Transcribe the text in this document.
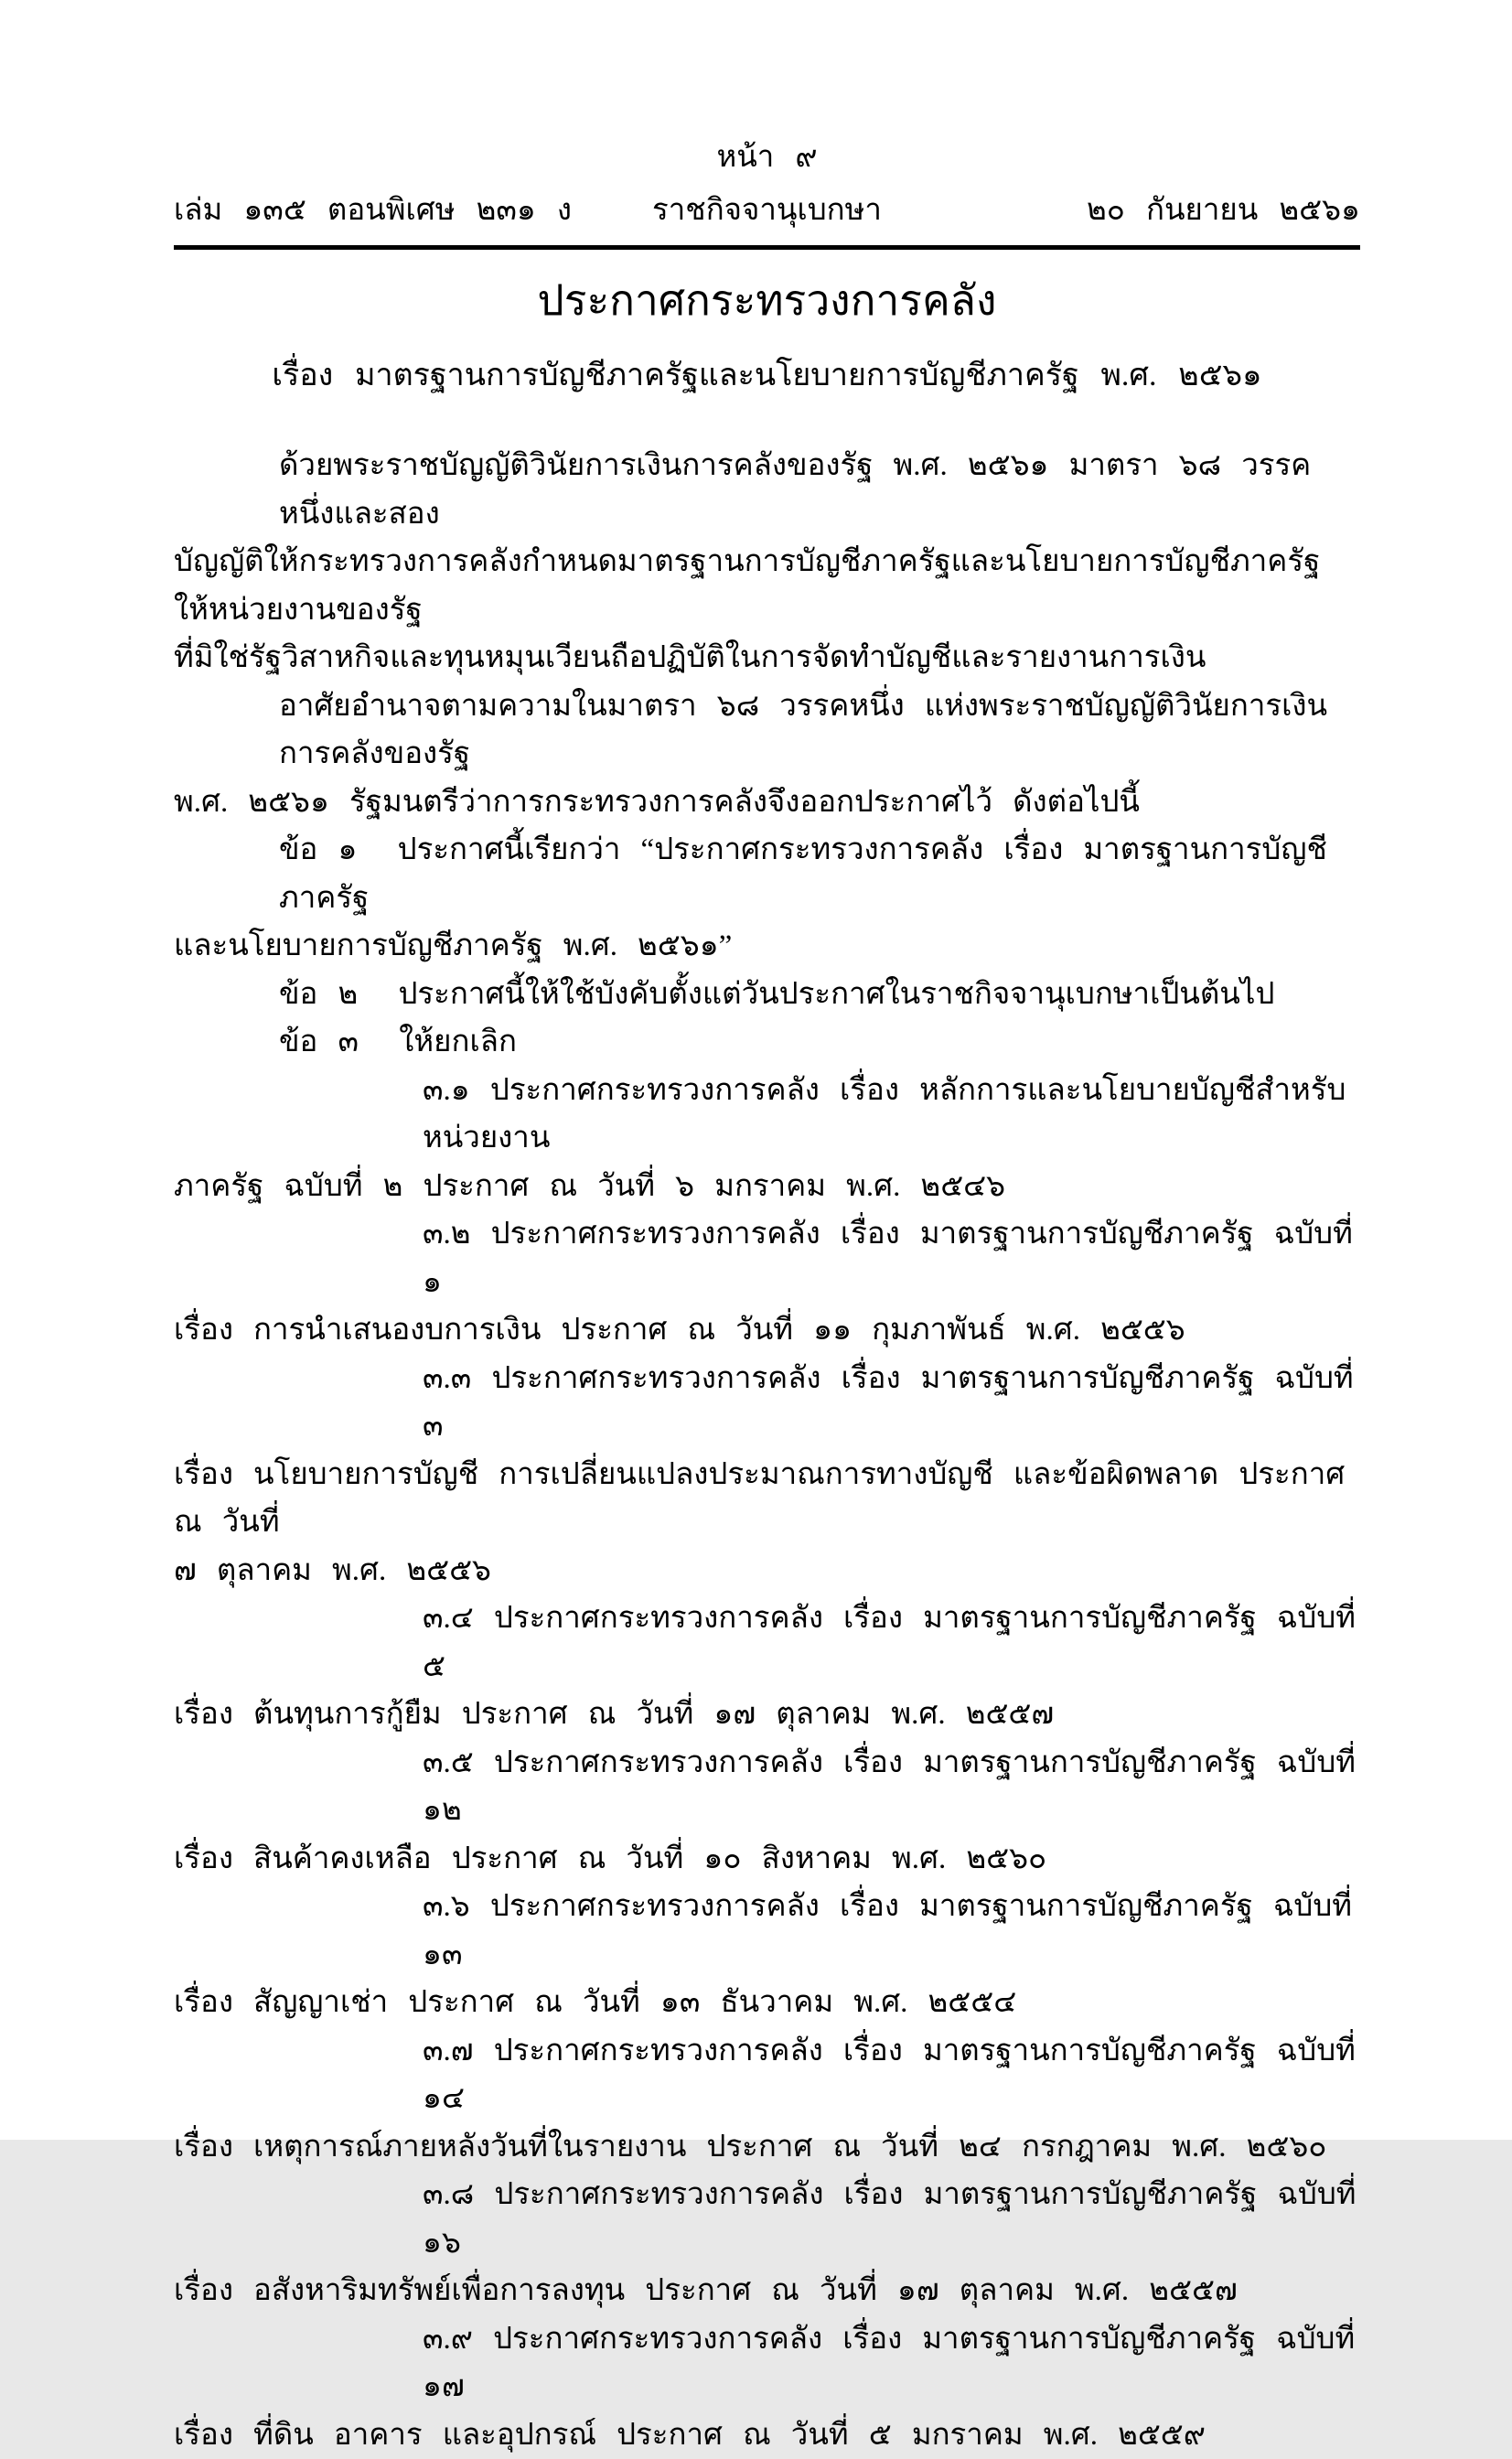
หน้า ๙
เล่ม ๑๓๕ ตอนพิเศษ ๒๓๑ ง	ราชกิจจานุเบกษา	๒๐ กันยายน ๒๕๖๑
ประกาศกระทรวงการคลัง
เรื่อง มาตรฐานการบัญชีภาครัฐและนโยบายการบัญชีภาครัฐ พ.ศ. ๒๕๖๑
ด้วยพระราชบัญญัติวินัยการเงินการคลังของรัฐ พ.ศ. ๒๕๖๑ มาตรา ๖๘ วรรคหนึ่งและสอง
บัญญัติให้กระทรวงการคลังกำหนดมาตรฐานการบัญชีภาครัฐและนโยบายการบัญชีภาครัฐ ให้หน่วยงานของรัฐ
ที่มิใช่รัฐวิสาหกิจและทุนหมุนเวียนถือปฏิบัติในการจัดทำบัญชีและรายงานการเงิน
อาศัยอำนาจตามความในมาตรา ๖๘ วรรคหนึ่ง แห่งพระราชบัญญัติวินัยการเงินการคลังของรัฐ
พ.ศ. ๒๕๖๑ รัฐมนตรีว่าการกระทรวงการคลังจึงออกประกาศไว้ ดังต่อไปนี้
ข้อ ๑  ประกาศนี้เรียกว่า “ประกาศกระทรวงการคลัง เรื่อง มาตรฐานการบัญชีภาครัฐ
และนโยบายการบัญชีภาครัฐ พ.ศ. ๒๕๖๑”
ข้อ ๒  ประกาศนี้ให้ใช้บังคับตั้งแต่วันประกาศในราชกิจจานุเบกษาเป็นต้นไป
ข้อ ๓  ให้ยกเลิก
๓.๑ ประกาศกระทรวงการคลัง เรื่อง หลักการและนโยบายบัญชีสำหรับหน่วยงาน
ภาครัฐ ฉบับที่ ๒ ประกาศ ณ วันที่ ๖ มกราคม พ.ศ. ๒๕๔๖
๓.๒ ประกาศกระทรวงการคลัง เรื่อง มาตรฐานการบัญชีภาครัฐ ฉบับที่ ๑
เรื่อง การนำเสนองบการเงิน ประกาศ ณ วันที่ ๑๑ กุมภาพันธ์ พ.ศ. ๒๕๕๖
๓.๓ ประกาศกระทรวงการคลัง เรื่อง มาตรฐานการบัญชีภาครัฐ ฉบับที่ ๓
เรื่อง นโยบายการบัญชี การเปลี่ยนแปลงประมาณการทางบัญชี และข้อผิดพลาด ประกาศ ณ วันที่
๗ ตุลาคม พ.ศ. ๒๕๕๖
๓.๔ ประกาศกระทรวงการคลัง เรื่อง มาตรฐานการบัญชีภาครัฐ ฉบับที่ ๕
เรื่อง ต้นทุนการกู้ยืม ประกาศ ณ วันที่ ๑๗ ตุลาคม พ.ศ. ๒๕๕๗
๓.๕ ประกาศกระทรวงการคลัง เรื่อง มาตรฐานการบัญชีภาครัฐ ฉบับที่ ๑๒
เรื่อง สินค้าคงเหลือ ประกาศ ณ วันที่ ๑๐ สิงหาคม พ.ศ. ๒๕๖๐
๓.๖ ประกาศกระทรวงการคลัง เรื่อง มาตรฐานการบัญชีภาครัฐ ฉบับที่ ๑๓
เรื่อง สัญญาเช่า ประกาศ ณ วันที่ ๑๓ ธันวาคม พ.ศ. ๒๕๕๔
๓.๗ ประกาศกระทรวงการคลัง เรื่อง มาตรฐานการบัญชีภาครัฐ ฉบับที่ ๑๔
เรื่อง เหตุการณ์ภายหลังวันที่ในรายงาน ประกาศ ณ วันที่ ๒๔ กรกฎาคม พ.ศ. ๒๕๖๐
๓.๘ ประกาศกระทรวงการคลัง เรื่อง มาตรฐานการบัญชีภาครัฐ ฉบับที่ ๑๖
เรื่อง อสังหาริมทรัพย์เพื่อการลงทุน ประกาศ ณ วันที่ ๑๗ ตุลาคม พ.ศ. ๒๕๕๗
๓.๙ ประกาศกระทรวงการคลัง เรื่อง มาตรฐานการบัญชีภาครัฐ ฉบับที่ ๑๗
เรื่อง ที่ดิน อาคาร และอุปกรณ์ ประกาศ ณ วันที่ ๕ มกราคม พ.ศ. ๒๕๕๙
